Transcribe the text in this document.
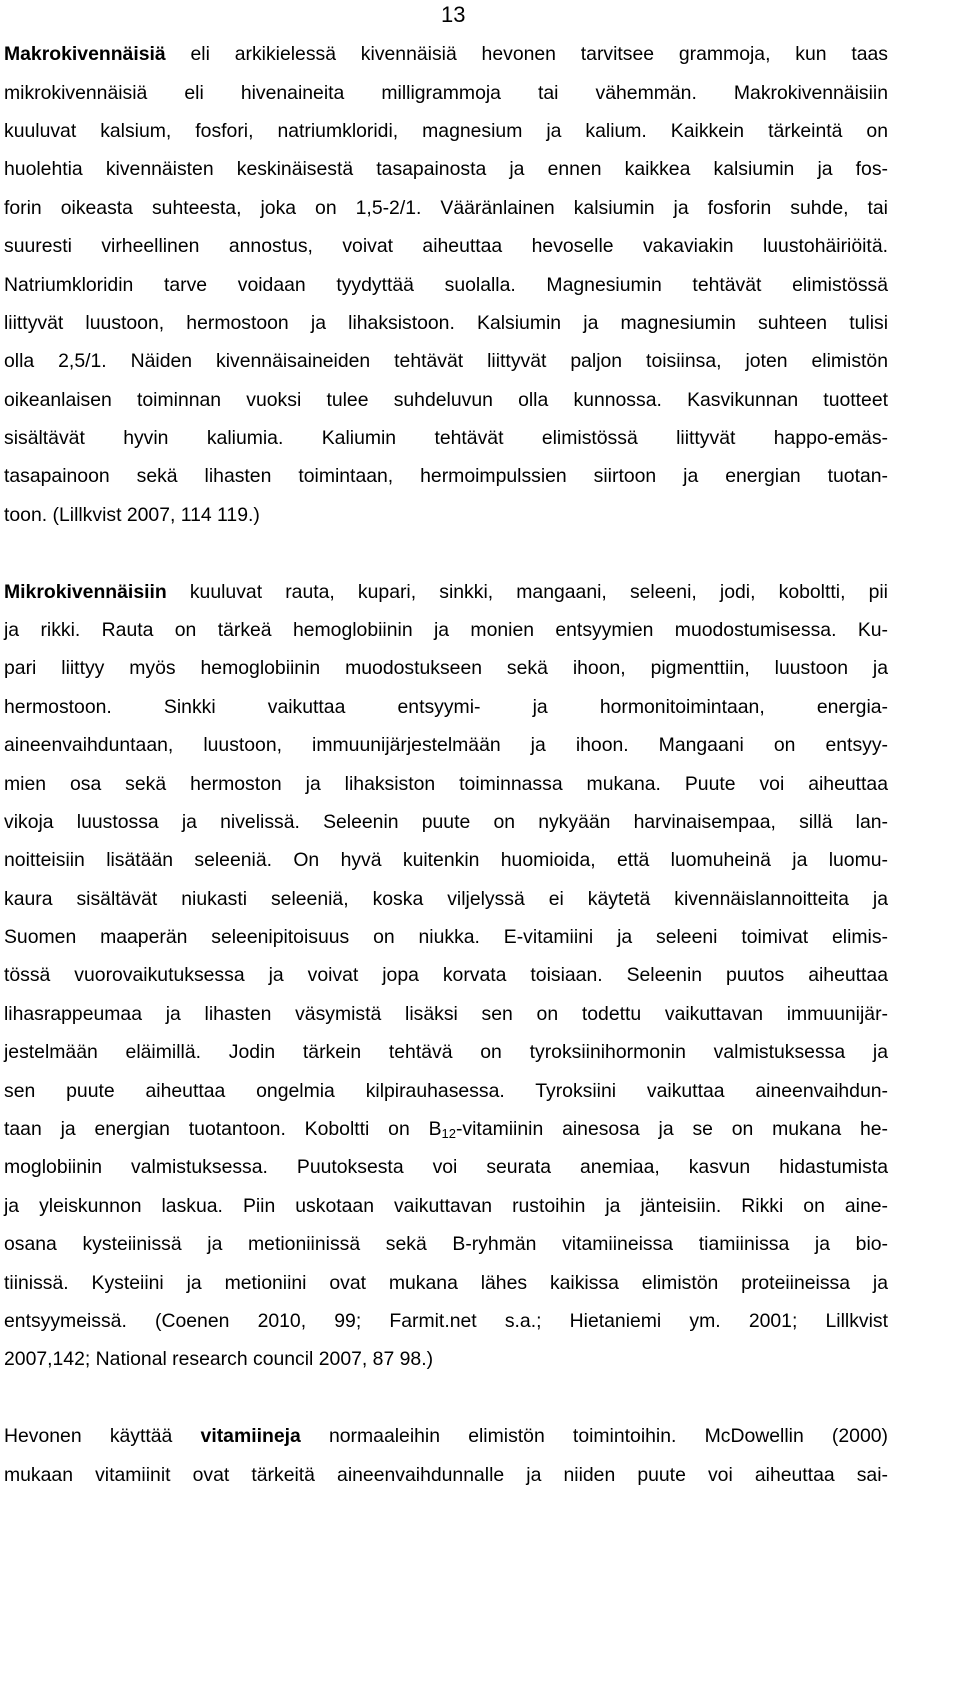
13
Makrokivennäisiä eli arkikielessä kivennäisiä hevonen tarvitsee grammoja, kun taas
mikrokivennäisiä eli hivenaineita milligrammoja tai vähemmän. Makrokivennäisiin
kuuluvat kalsium, fosfori, natriumkloridi, magnesium ja kalium. Kaikkein tärkeintä on
huolehtia kivennäisten keskinäisestä tasapainosta ja ennen kaikkea kalsiumin ja fos-
forin oikeasta suhteesta, joka on 1,5-2/1. Vääränlainen kalsiumin ja fosforin suhde, tai
suuresti virheellinen annostus, voivat aiheuttaa hevoselle vakaviakin luustohäiriöitä.
Natriumkloridin tarve voidaan tyydyttää suolalla. Magnesiumin tehtävät elimistössä
liittyvät luustoon, hermostoon ja lihaksistoon. Kalsiumin ja magnesiumin suhteen tulisi
olla 2,5/1. Näiden kivennäisaineiden tehtävät liittyvät paljon toisiinsa, joten elimistön
oikeanlaisen toiminnan vuoksi tulee suhdeluvun olla kunnossa. Kasvikunnan tuotteet
sisältävät hyvin kaliumia. Kaliumin tehtävät elimistössä liittyvät happo-emäs-
tasapainoon sekä lihasten toimintaan, hermoimpulssien siirtoon ja energian tuotan-
toon. (Lillkvist 2007, 114 119.)
Mikrokivennäisiin kuuluvat rauta, kupari, sinkki, mangaani, seleeni, jodi, koboltti, pii
ja rikki. Rauta on tärkeä hemoglobiinin ja monien entsyymien muodostumisessa. Ku-
pari liittyy myös hemoglobiinin muodostukseen sekä ihoon, pigmenttiin, luustoon ja
hermostoon. Sinkki vaikuttaa entsyymi- ja hormonitoimintaan, energia-
aineenvaihduntaan, luustoon, immuunijärjestelmään ja ihoon. Mangaani on entsyy-
mien osa sekä hermoston ja lihaksiston toiminnassa mukana. Puute voi aiheuttaa
vikoja luustossa ja nivelissä. Seleenin puute on nykyään harvinaisempaa, sillä lan-
noitteisiin lisätään seleeniä. On hyvä kuitenkin huomioida, että luomuheinä ja luomu-
kaura sisältävät niukasti seleeniä, koska viljelyssä ei käytetä kivennäislannoitteita ja
Suomen maaperän seleenipitoisuus on niukka. E-vitamiini ja seleeni toimivat elimis-
tössä vuorovaikutuksessa ja voivat jopa korvata toisiaan. Seleenin puutos aiheuttaa
lihasrappeumaa ja lihasten väsymistä lisäksi sen on todettu vaikuttavan immuunijär-
jestelmään eläimillä. Jodin tärkein tehtävä on tyroksiinihormonin valmistuksessa ja
sen puute aiheuttaa ongelmia kilpirauhasessa. Tyroksiini vaikuttaa aineenvaihdun-
taan ja energian tuotantoon. Koboltti on $B_{12}$-vitamiinin ainesosa ja se on mukana he-
moglobiinin valmistuksessa. Puutoksesta voi seurata anemiaa, kasvun hidastumista
ja yleiskunnon laskua. Piin uskotaan vaikuttavan rustoihin ja jänteisiin. Rikki on aine-
osana kysteiinissä ja metioniinissä sekä B-ryhmän vitamiineissa tiamiinissa ja bio-
tiinissä. Kysteiini ja metioniini ovat mukana lähes kaikissa elimistön proteiineissa ja
entsyymeissä. (Coenen 2010, 99; Farmit.net s.a.; Hietaniemi ym. 2001; Lillkvist
2007,142; National research council 2007, 87 98.)
Hevonen käyttää vitamiineja normaaleihin elimistön toimintoihin. McDowellin (2000)
mukaan vitamiinit ovat tärkeitä aineenvaihdunnalle ja niiden puute voi aiheuttaa sai-
